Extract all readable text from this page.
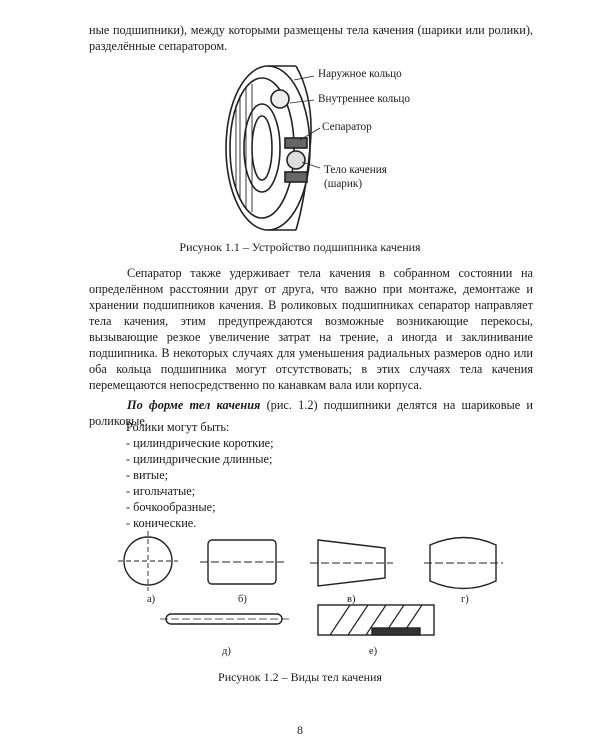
ные подшипники), между которыми размещены тела качения (шарики или ролики), разделённые сепаратором.

Наружное кольцо
Внутреннее кольцо
Сепаратор
Тело качения
(шарик)
Рисунок 1.1 – Устройство подшипника качения

Сепаратор также удерживает тела качения в собранном состоянии на определённом расстоянии друг от друга, что важно при монтаже, демонтаже и хранении подшипников качения. В роликовых подшипниках сепаратор направляет тела качения, этим предупреждаются возможные возникающие перекосы, вызывающие резкое увеличение затрат на трение, а иногда и заклинивание подшипника. В некоторых случаях для уменьшения радиальных размеров одно или оба кольца подшипника могут отсутствовать; в этих случаях тела качения перемещаются непосредственно по канавкам вала или корпуса.

По форме тел качения (рис. 1.2) подшипники делятся на шариковые и роликовые.

Ролики могут быть:
- цилиндрические короткие;
- цилиндрические длинные;
- витые;
- игольчатые;
- бочкообразные;
- конические.
а)	б)	в)	г)
д)	е)
Рисунок 1.2 – Виды тел качения
8
